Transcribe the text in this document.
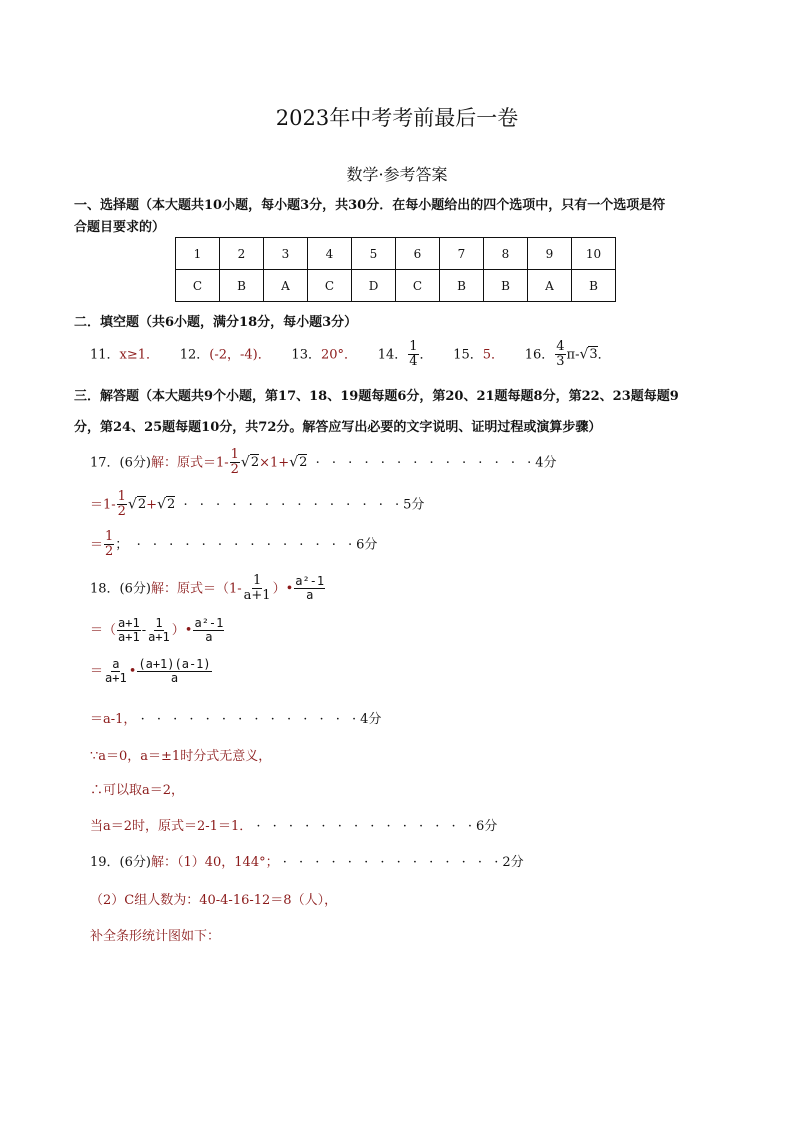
2023年中考考前最后一卷
数学·参考答案
一、选择题（本大题共10小题，每小题3分，共30分．在每小题给出的四个选项中，只有一个选项是符
合题目要求的）
1	2	3	4	5	6	7	8	9	10
C	B	A	C	D	C	B	B	A	B
二．填空题（共6小题，满分18分，每小题3分）
11．x≥1． 12．(-2，-4)． 13．20°． 14． $\frac{1}{4}$ ． 15．5． 16． $\frac{4}{3} \pi-√3$．
三．解答题（本大题共9个小题，第17、18、19题每题6分，第20、21题每题8分，第22、23题每题9
分，第24、25题每题10分，共72分。解答应写出必要的文字说明、证明过程或演算步骤）
17．(6分)解：原式$=1- \frac{1}{2} √2\times 1+√2$ · · · · · · · · · · · · · ·4分
$=1- \frac{1}{2} √2+√2$ · · · · · · · · · · · · · ·5分
＝ $\frac{1}{2}$ ； · · · · · · · · · · · · · ·6分
18．(6分)解：原式$=(1- \frac{1}{a+1}$ ）• $\frac{\text{a²-1}}{a}$
＝（ $\frac{a+1}{a+1} - \frac{1}{a+1}$ ）• $\frac{\text{a²-1}}{a}$
＝ $\frac{a}{a+1}$ • $\frac{(a+1)(a-1)}{a}$
＝a-1， · · · · · · · · · · · · · ·4分
∵a＝0，a＝±1时分式无意义，
∴可以取a＝2，
当a＝2时，原式＝2-1＝1． · · · · · · · · · · · · · ·6分
19．(6分)解：（1）40，144°； · · · · · · · · · · · · · ·2分
（2）C组人数为：40-4-16-12＝8（人），
补全条形统计图如下：
